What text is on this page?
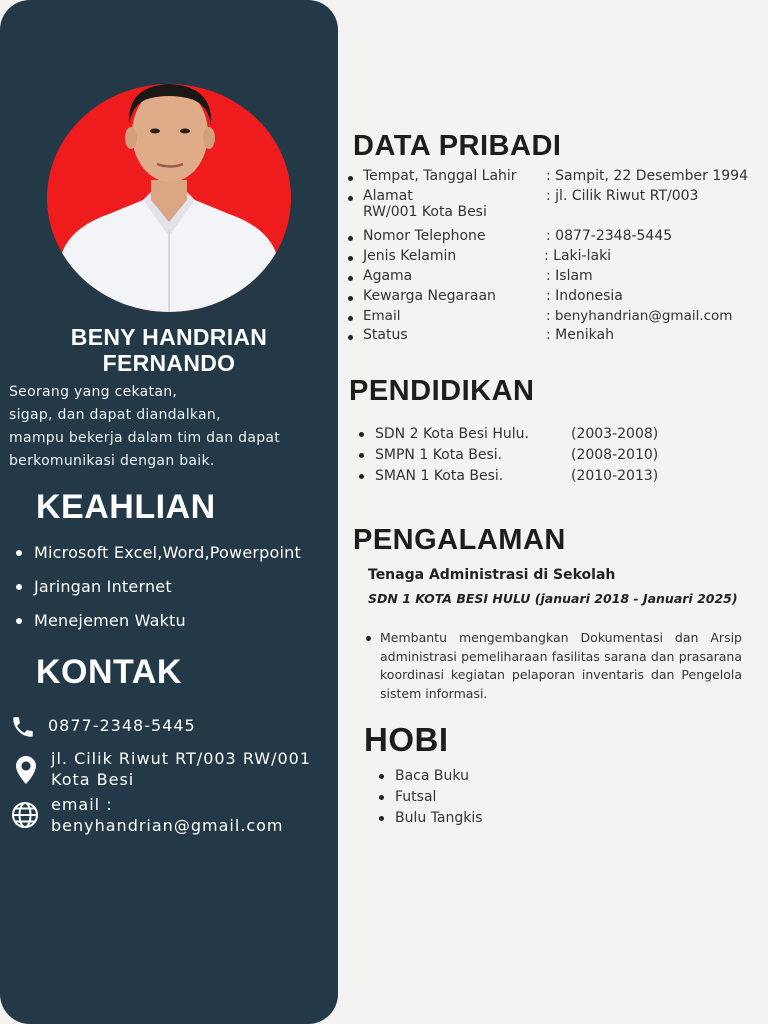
BENY HANDRIAN
FERNANDO
Seorang yang cekatan,
sigap, dan dapat diandalkan,
mampu bekerja dalam tim dan dapat
berkomunikasi dengan baik.
KEAHLIAN
Microsoft Excel,Word,Powerpoint
Jaringan Internet
Menejemen Waktu
KONTAK
0877-2348-5445
jl. Cilik Riwut RT/003 RW/001
Kota Besi
email :
benyhandrian@gmail.com
DATA PRIBADI
Tempat, Tanggal Lahir : Sampit, 22 Desember 1994
Alamat	: jl. Cilik Riwut RT/003
RW/001 Kota Besi
Nomor Telephone	: 0877-2348-5445
Jenis Kelamin	: Laki-laki
Agama	: Islam
Kewarga Negaraan	: Indonesia
Email	: benyhandrian@gmail.com
Status	: Menikah
PENDIDIKAN
SDN 2 Kota Besi Hulu.	(2003-2008)
SMPN 1 Kota Besi.	(2008-2010)
SMAN 1 Kota Besi.	(2010-2013)
PENGALAMAN
Tenaga Administrasi di Sekolah
SDN 1 KOTA BESI HULU (januari 2018 - Januari 2025)
Membantu mengembangkan Dokumentasi dan Arsip administrasi pemeliharaan fasilitas sarana dan prasarana koordinasi kegiatan pelaporan inventaris dan Pengelola sistem informasi.
HOBI
Baca Buku
Futsal
Bulu Tangkis
